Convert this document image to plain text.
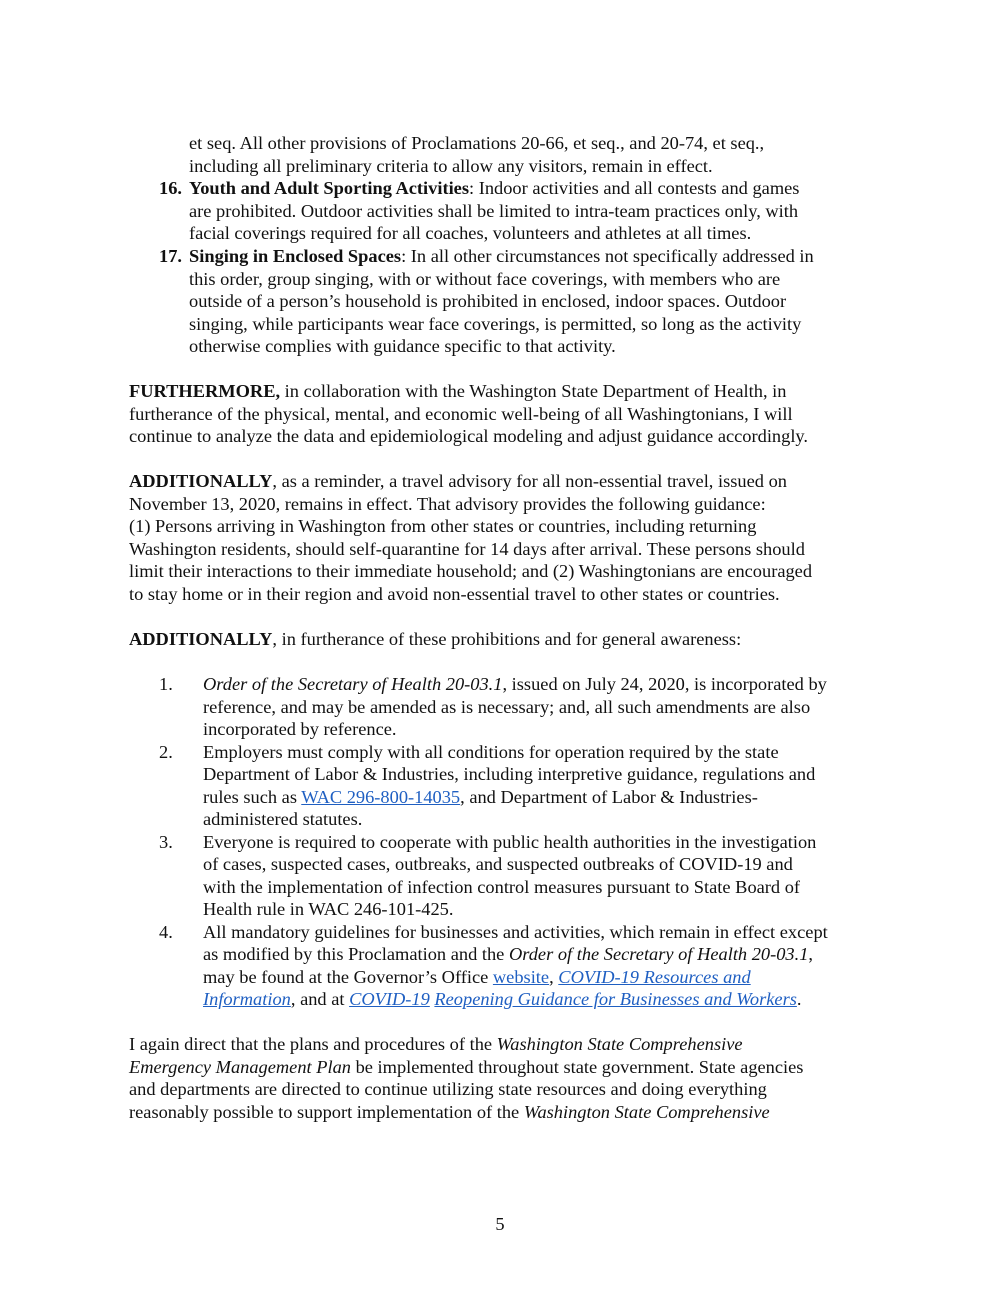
et seq. All other provisions of Proclamations 20-66, et seq., and 20-74, et seq.,
including all preliminary criteria to allow any visitors, remain in effect.
16. Youth and Adult Sporting Activities: Indoor activities and all contests and games
are prohibited. Outdoor activities shall be limited to intra-team practices only, with
facial coverings required for all coaches, volunteers and athletes at all times.
17. Singing in Enclosed Spaces: In all other circumstances not specifically addressed in
this order, group singing, with or without face coverings, with members who are
outside of a person’s household is prohibited in enclosed, indoor spaces. Outdoor
singing, while participants wear face coverings, is permitted, so long as the activity
otherwise complies with guidance specific to that activity.
FURTHERMORE, in collaboration with the Washington State Department of Health, in
furtherance of the physical, mental, and economic well-being of all Washingtonians, I will
continue to analyze the data and epidemiological modeling and adjust guidance accordingly.
ADDITIONALLY, as a reminder, a travel advisory for all non-essential travel, issued on
November 13, 2020, remains in effect. That advisory provides the following guidance:
(1) Persons arriving in Washington from other states or countries, including returning
Washington residents, should self-quarantine for 14 days after arrival. These persons should
limit their interactions to their immediate household; and (2) Washingtonians are encouraged
to stay home or in their region and avoid non-essential travel to other states or countries.
ADDITIONALLY, in furtherance of these prohibitions and for general awareness:
1. Order of the Secretary of Health 20-03.1, issued on July 24, 2020, is incorporated by
reference, and may be amended as is necessary; and, all such amendments are also
incorporated by reference.
2. Employers must comply with all conditions for operation required by the state
Department of Labor & Industries, including interpretive guidance, regulations and
rules such as WAC 296-800-14035, and Department of Labor & Industries-
administered statutes.
3. Everyone is required to cooperate with public health authorities in the investigation
of cases, suspected cases, outbreaks, and suspected outbreaks of COVID-19 and
with the implementation of infection control measures pursuant to State Board of
Health rule in WAC 246-101-425.
4. All mandatory guidelines for businesses and activities, which remain in effect except
as modified by this Proclamation and the Order of the Secretary of Health 20-03.1,
may be found at the Governor’s Office website, COVID-19 Resources and
Information, and at COVID-19 Reopening Guidance for Businesses and Workers.
I again direct that the plans and procedures of the Washington State Comprehensive
Emergency Management Plan be implemented throughout state government. State agencies
and departments are directed to continue utilizing state resources and doing everything
reasonably possible to support implementation of the Washington State Comprehensive
5
